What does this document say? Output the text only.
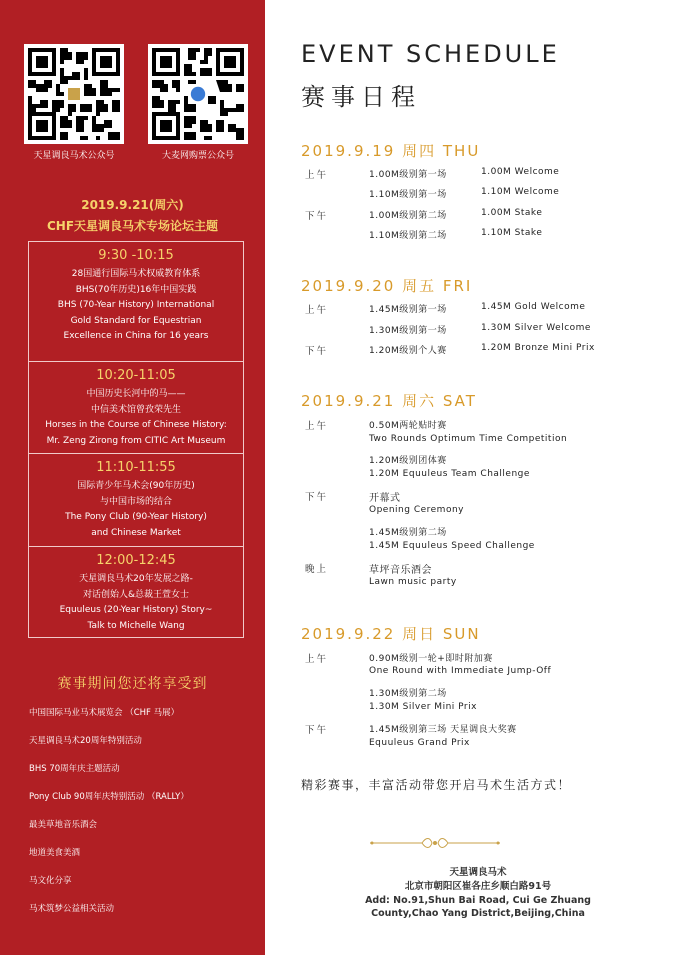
天星调良马术公众号	大麦网购票公众号
2019.9.21(周六)
CHF天星调良马术专场论坛主题
9:30 -10:15
28国通行国际马术权威教育体系
BHS(70年历史)16年中国实践
BHS (70-Year History) International
Gold Standard for Equestrian
Excellence in China for 16 years
10:20-11:05
中国历史长河中的马——
中信美术馆曾孜荣先生
Horses in the Course of Chinese History:
Mr. Zeng Zirong from CITIC Art Museum
11:10-11:55
国际青少年马术会(90年历史)
与中国市场的结合
The Pony Club (90-Year History)
and Chinese Market
12:00-12:45
天星调良马术20年发展之路-
对话创始人&总裁王萱女士
Equuleus (20-Year History) Story~
Talk to Michelle Wang
赛事期间您还将享受到
中国国际马业马术展览会 （CHF 马展）
天星调良马术20周年特别活动
BHS 70周年庆主题活动
Pony Club 90周年庆特别活动 （RALLY）
最美草地音乐酒会
地道美食美酒
马文化分享
马术筑梦公益相关活动
EVENT SCHEDULE
赛事日程
2019.9.19 周四 THU
上午	1.00M级别第一场	1.00M Welcome
1.10M级别第一场	1.10M Welcome
下午	1.00M级别第二场	1.00M Stake
1.10M级别第二场	1.10M Stake
2019.9.20 周五 FRI
上午	1.45M级别第一场	1.45M Gold Welcome
1.30M级别第一场	1.30M Silver Welcome
下午	1.20M级别个人赛	1.20M Bronze Mini Prix
2019.9.21 周六 SAT
上午	0.50M两轮贴时赛
Two Rounds Optimum Time Competition
1.20M级别团体赛
1.20M Equuleus Team Challenge
下午	开幕式
Opening Ceremony
1.45M级别第二场
1.45M Equuleus Speed Challenge
晚上	草坪音乐酒会
Lawn music party
2019.9.22 周日 SUN
上午	0.90M级别一轮+即时附加赛
One Round with Immediate Jump-Off
1.30M级别第二场
1.30M Silver Mini Prix
下午	1.45M级别第三场 天星调良大奖赛
Equuleus Grand Prix
精彩赛事，丰富活动带您开启马术生活方式！
天星调良马术
北京市朝阳区崔各庄乡顺白路91号
Add: No.91,Shun Bai Road, Cui Ge Zhuang
County,Chao Yang District,Beijing,China
